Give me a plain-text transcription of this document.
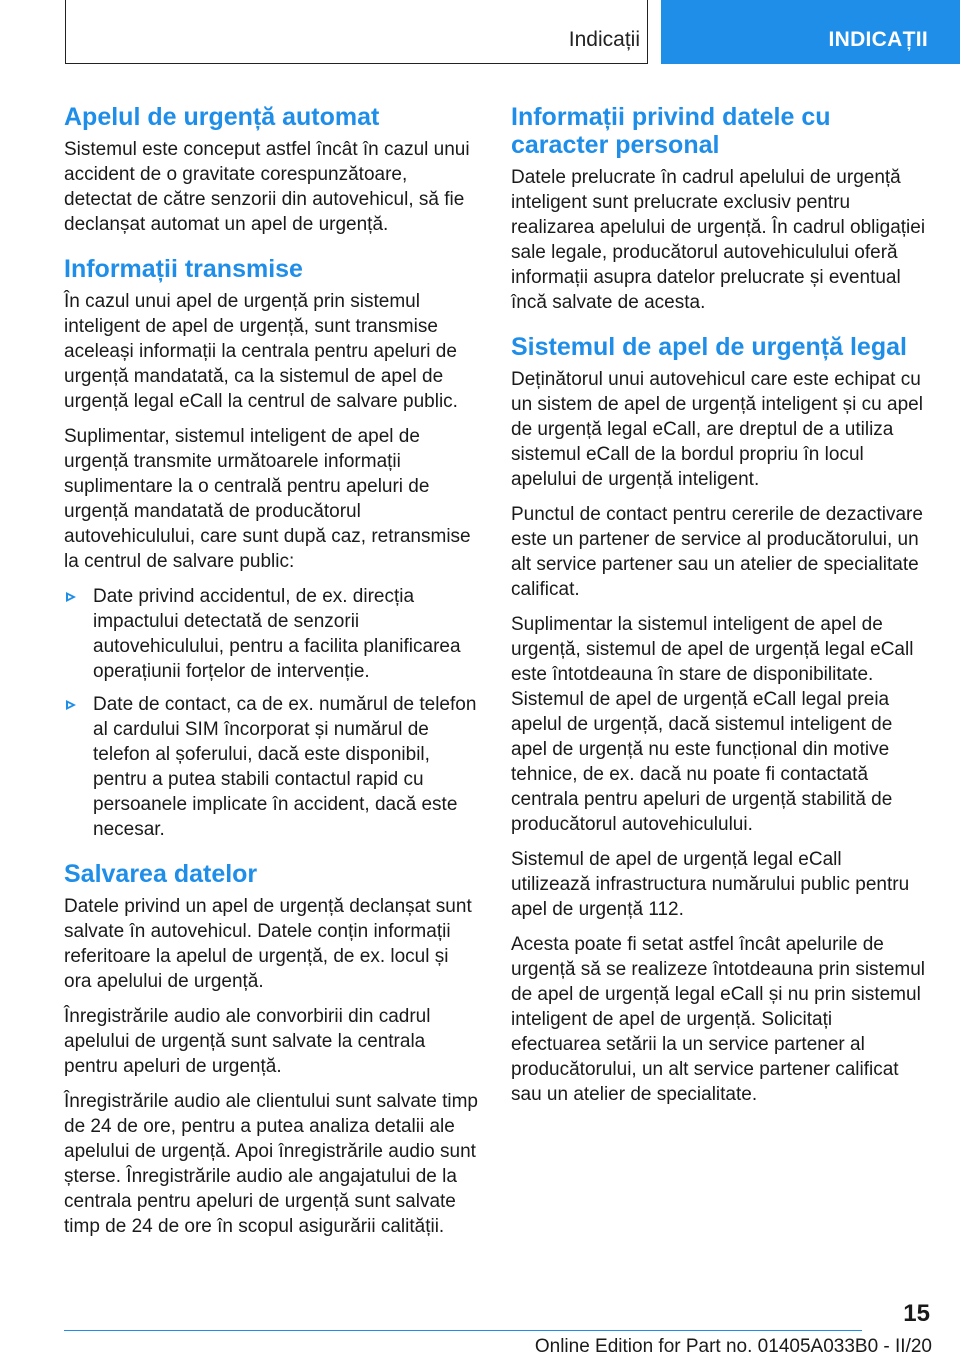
Indicații	INDICAȚII
Apelul de urgență automat

Sistemul este conceput astfel încât în cazul unui accident de o gravitate corespunzătoare, detectat de către senzorii din autovehicul, să fie declanșat automat un apel de urgență.

Informații transmise

În cazul unui apel de urgență prin sistemul inteligent de apel de urgență, sunt transmise aceleași informații la centrala pentru apeluri de urgență mandatată, ca la sistemul de apel de urgență legal eCall la centrul de salvare public.

Suplimentar, sistemul inteligent de apel de urgență transmite următoarele informații suplimentare la o centrală pentru apeluri de urgență mandatată de producătorul autovehiculului, care sunt după caz, retransmise la centrul de salvare public:

Date privind accidentul, de ex. direcția impactului detectată de senzorii autovehiculului, pentru a facilita planificarea operațiunii forțelor de intervenție.
Date de contact, ca de ex. numărul de telefon al cardului SIM încorporat și numărul de telefon al șoferului, dacă este disponibil, pentru a putea stabili contactul rapid cu persoanele implicate în accident, dacă este necesar.
Salvarea datelor

Datele privind un apel de urgență declanșat sunt salvate în autovehicul. Datele conțin informații referitoare la apelul de urgență, de ex. locul și ora apelului de urgență.

Înregistrările audio ale convorbirii din cadrul apelului de urgență sunt salvate la centrala pentru apeluri de urgență.

Înregistrările audio ale clientului sunt salvate timp de 24 de ore, pentru a putea analiza detalii ale apelului de urgență. Apoi înregistrările audio sunt șterse. Înregistrările audio ale angajatului de la centrala pentru apeluri de urgență sunt salvate timp de 24 de ore în scopul asigurării calității.

Informații privind datele cu caracter personal

Datele prelucrate în cadrul apelului de urgență inteligent sunt prelucrate exclusiv pentru realizarea apelului de urgență. În cadrul obligației sale legale, producătorul autovehiculului oferă informații asupra datelor prelucrate și eventual încă salvate de acesta.

Sistemul de apel de urgență legal

Deținătorul unui autovehicul care este echipat cu un sistem de apel de urgență inteligent și cu apel de urgență legal eCall, are dreptul de a utiliza sistemul eCall de la bordul propriu în locul apelului de urgență inteligent.

Punctul de contact pentru cererile de dezactivare este un partener de service al producătorului, un alt service partener sau un atelier de specialitate calificat.

Suplimentar la sistemul inteligent de apel de urgență, sistemul de apel de urgență legal eCall este întotdeauna în stare de disponibilitate. Sistemul de apel de urgență eCall legal preia apelul de urgență, dacă sistemul inteligent de apel de urgență nu este funcțional din motive tehnice, de ex. dacă nu poate fi contactată centrala pentru apeluri de urgență stabilită de producătorul autovehiculului.

Sistemul de apel de urgență legal eCall utilizează infrastructura numărului public pentru apel de urgență 112.

Acesta poate fi setat astfel încât apelurile de urgență să se realizeze întotdeauna prin sistemul de apel de urgență legal eCall și nu prin sistemul inteligent de apel de urgență. Solicitați efectuarea setării la un service partener al producătorului, un alt service partener calificat sau un atelier de specialitate.

15
Online Edition for Part no. 01405A033B0 - II/20
